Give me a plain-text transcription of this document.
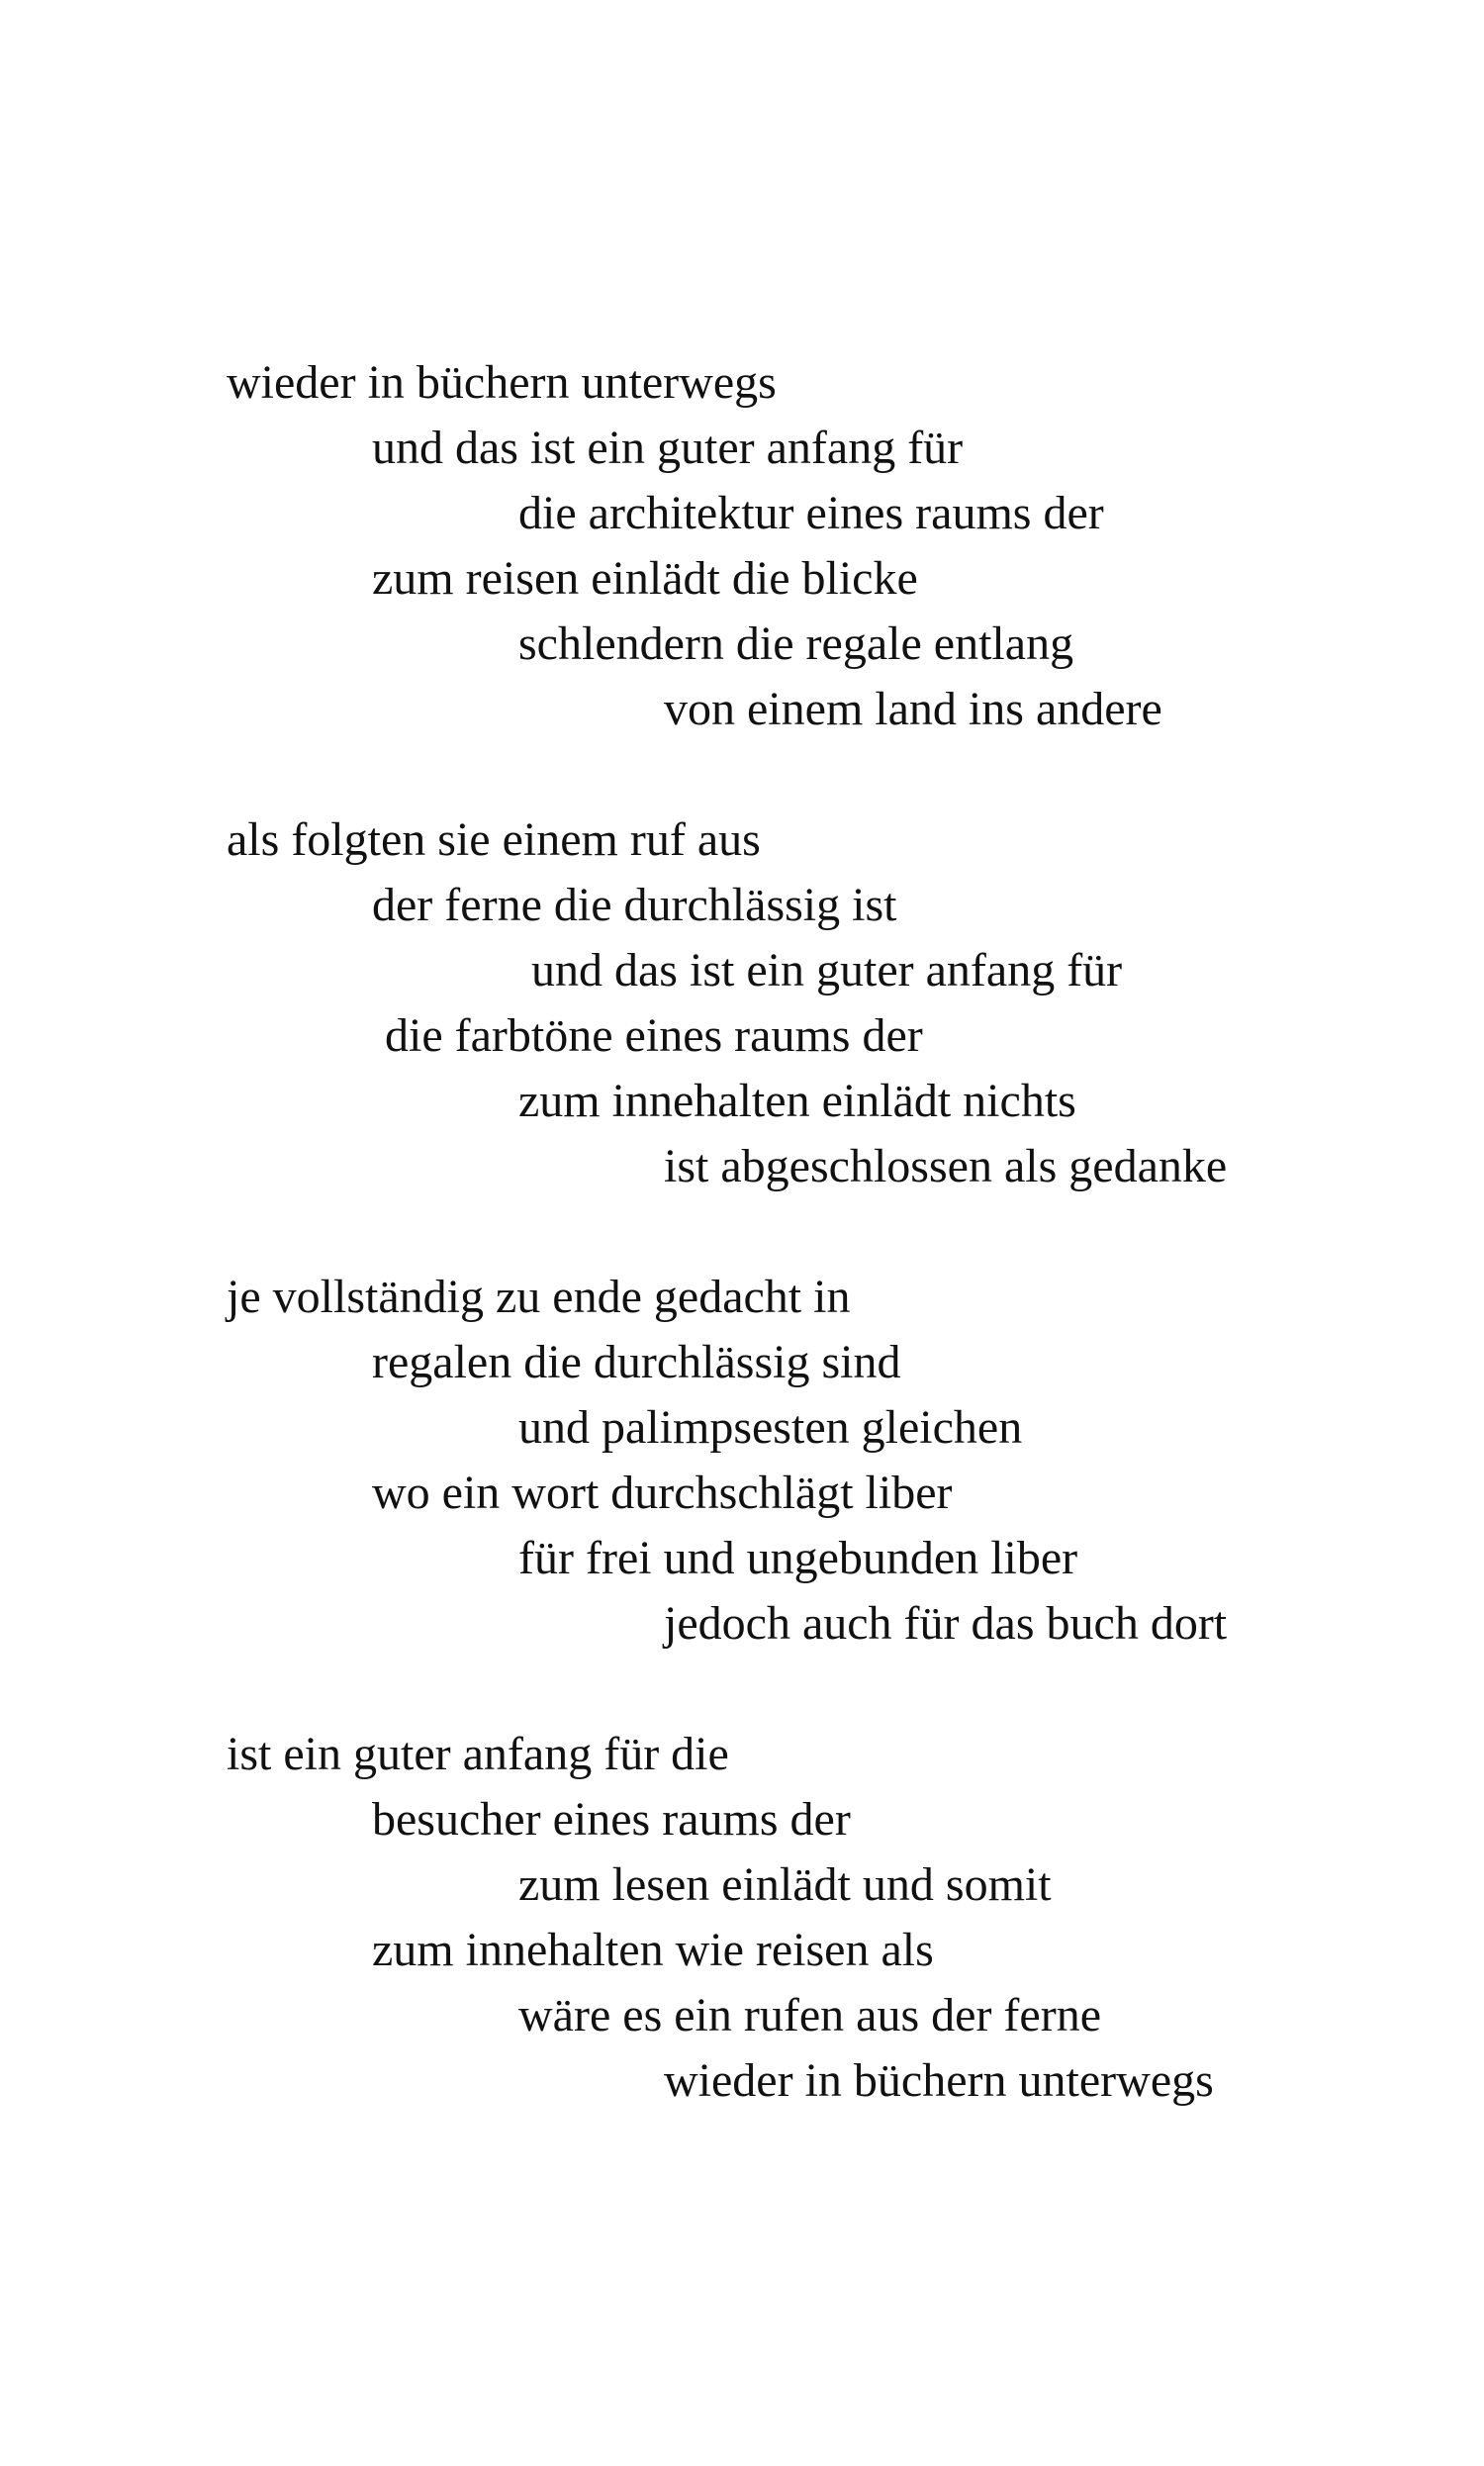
wieder in büchern unterwegs
und das ist ein guter anfang für
die architektur eines raums der
zum reisen einlädt die blicke
schlendern die regale entlang
von einem land ins andere
als folgten sie einem ruf aus
der ferne die durchlässig ist
und das ist ein guter anfang für
die farbtöne eines raums der
zum innehalten einlädt nichts
ist abgeschlossen als gedanke
je vollständig zu ende gedacht in
regalen die durchlässig sind
und palimpsesten gleichen
wo ein wort durchschlägt liber
für frei und ungebunden liber
jedoch auch für das buch dort
ist ein guter anfang für die
besucher eines raums der
zum lesen einlädt und somit
zum innehalten wie reisen als
wäre es ein rufen aus der ferne
wieder in büchern unterwegs
